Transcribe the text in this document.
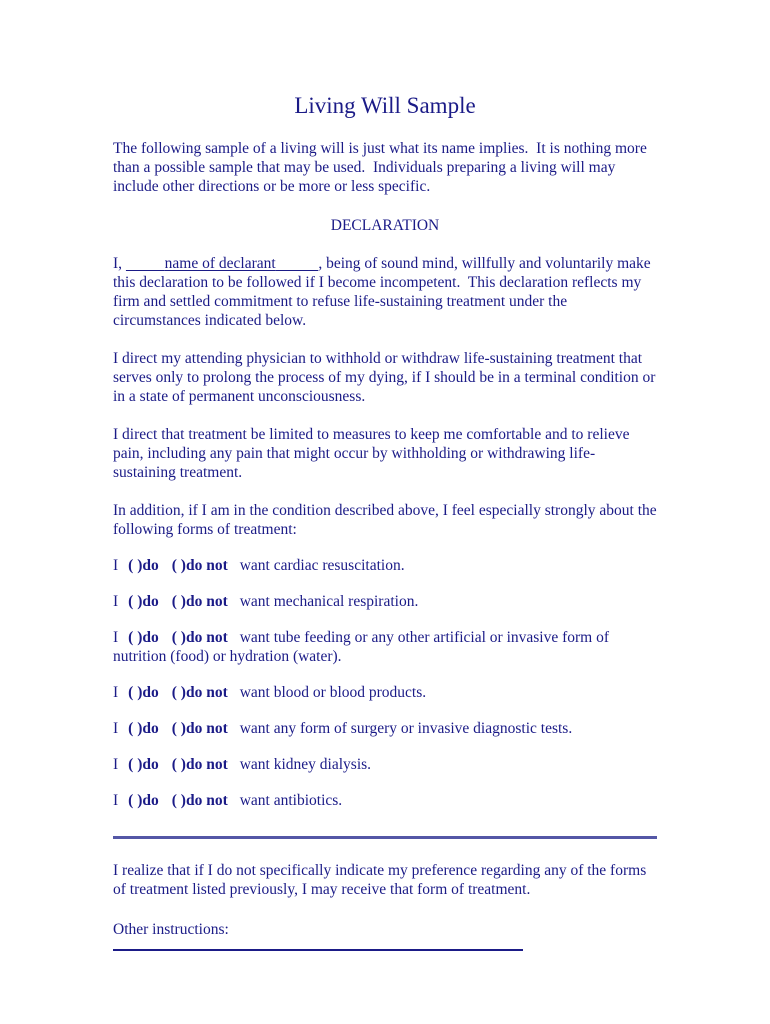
Living Will Sample

The following sample of a living will is just what its name implies.  It is nothing more than a possible sample that may be used.  Individuals preparing a living will may include other directions or be more or less specific.

DECLARATION

I,	name of declarant	, being of sound mind, willfully and voluntarily make this declaration to be followed if I become incompetent.  This declaration reflects my firm and settled commitment to refuse life-sustaining treatment under the circumstances indicated below.

I direct my attending physician to withhold or withdraw life-sustaining treatment that serves only to prolong the process of my dying, if I should be in a terminal condition or in a state of permanent unconsciousness.

I direct that treatment be limited to measures to keep me comfortable and to relieve pain, including any pain that might occur by withholding or withdrawing life-sustaining treatment.

In addition, if I am in the condition described above, I feel especially strongly about the following forms of treatment:

I ( )do ( )do not want cardiac resuscitation.

I ( )do ( )do not want mechanical respiration.

I ( )do ( )do not want tube feeding or any other artificial or invasive form of nutrition (food) or hydration (water).

I ( )do ( )do not want blood or blood products.

I ( )do ( )do not want any form of surgery or invasive diagnostic tests.

I ( )do ( )do not want kidney dialysis.

I ( )do ( )do not want antibiotics.

I realize that if I do not specifically indicate my preference regarding any of the forms of treatment listed previously, I may receive that form of treatment.

Other instructions:
